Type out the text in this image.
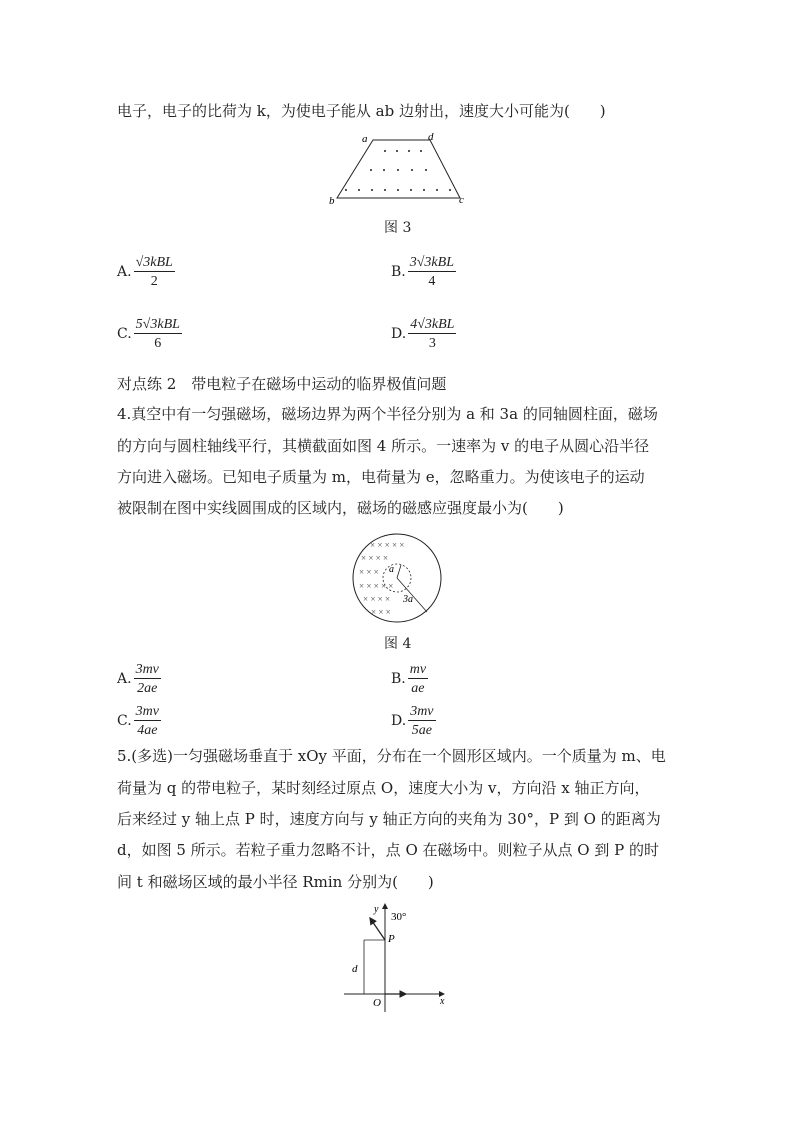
电子，电子的比荷为 k，为使电子能从 ab 边射出，速度大小可能为(　　)
a	d
b	c
图 3
A. $\frac{\text{√3kBL}}{2}$	B. $\frac{\text{3√3kBL}}{4}$
C. $\frac{\text{5√3kBL}}{6}$	D. $\frac{\text{4√3kBL}}{3}$
对点练 2　带电粒子在磁场中运动的临界极值问题
4.真空中有一匀强磁场，磁场边界为两个半径分别为 a 和 3a 的同轴圆柱面，磁场
的方向与圆柱轴线平行，其横截面如图 4 所示。一速率为 v 的电子从圆心沿半径
方向进入磁场。已知电子质量为 m，电荷量为 e，忽略重力。为使该电子的运动
被限制在图中实线圆围成的区域内，磁场的磁感应强度最小为(　　)
× × × × ×
× × × ×
× × ×
× × × × ×
× × × ×
× × ×
a
3a
图 4
A. $\frac{3mv}{2ae}$	B. $\frac{mv}{ae}$
C. $\frac{3mv}{4ae}$	D. $\frac{3mv}{5ae}$
5.(多选)一匀强磁场垂直于 xOy 平面，分布在一个圆形区域内。一个质量为 m、电
荷量为 q 的带电粒子，某时刻经过原点 O，速度大小为 v，方向沿 x 轴正方向，
后来经过 y 轴上点 P 时，速度方向与 y 轴正方向的夹角为 30°，P 到 O 的距离为
d，如图 5 所示。若粒子重力忽略不计，点 O 在磁场中。则粒子从点 O 到 P 的时
间 t 和磁场区域的最小半径 Rmin 分别为(　　)
y
30°
P
d
O	x
